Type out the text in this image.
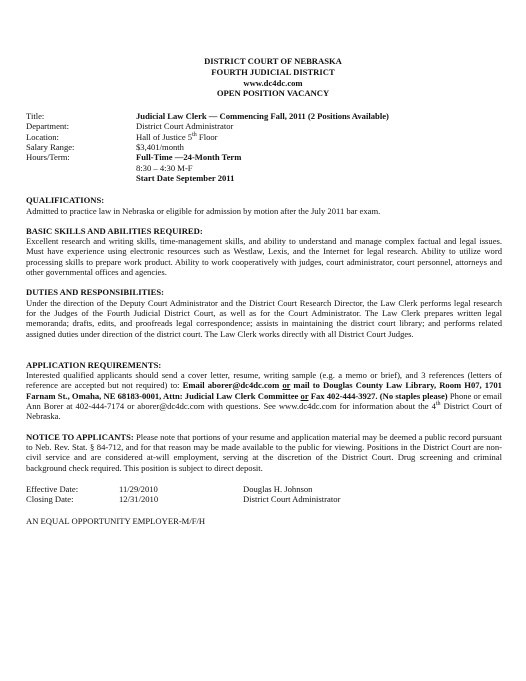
DISTRICT COURT OF NEBRASKA
FOURTH JUDICIAL DISTRICT
www.dc4dc.com
OPEN POSITION VACANCY
Title:	Judicial Law Clerk — Commencing Fall, 2011 (2 Positions Available)
Department:	District Court Administrator
Location:	Hall of Justice 5th Floor
Salary Range:	$3,401/month
Hours/Term:	Full-Time —24-Month Term
8:30 – 4:30 M-F
Start Date September 2011
QUALIFICATIONS:
Admitted to practice law in Nebraska or eligible for admission by motion after the July 2011 bar exam.
BASIC SKILLS AND ABILITIES REQUIRED:
Excellent research and writing skills, time-management skills, and ability to understand and manage complex factual and legal issues. Must have experience using electronic resources such as Westlaw, Lexis, and the Internet for legal research. Ability to utilize word processing skills to prepare work product. Ability to work cooperatively with judges, court administrator, court personnel, attorneys and other governmental offices and agencies.
DUTIES AND RESPONSIBILITIES:
Under the direction of the Deputy Court Administrator and the District Court Research Director, the Law Clerk performs legal research for the Judges of the Fourth Judicial District Court, as well as for the Court Administrator. The Law Clerk prepares written legal memoranda; drafts, edits, and proofreads legal correspondence; assists in maintaining the district court library; and performs related assigned duties under direction of the district court. The Law Clerk works directly with all District Court Judges.
APPLICATION REQUIREMENTS:
Interested qualified applicants should send a cover letter, resume, writing sample (e.g. a memo or brief), and 3 references (letters of reference are accepted but not required) to: Email aborer@dc4dc.com or mail to Douglas County Law Library, Room H07, 1701 Farnam St., Omaha, NE 68183-0001, Attn: Judicial Law Clerk Committee or Fax 402-444-3927. (No staples please) Phone or email Ann Borer at 402-444-7174 or aborer@dc4dc.com with questions. See www.dc4dc.com for information about the 4th District Court of Nebraska.
NOTICE TO APPLICANTS: Please note that portions of your resume and application material may be deemed a public record pursuant to Neb. Rev. Stat. § 84-712, and for that reason may be made available to the public for viewing. Positions in the District Court are non-civil service and are considered at-will employment, serving at the discretion of the District Court. Drug screening and criminal background check required. This position is subject to direct deposit.
Effective Date:	11/29/2010	Douglas H. Johnson
Closing Date:	12/31/2010	District Court Administrator
AN EQUAL OPPORTUNITY EMPLOYER-M/F/H
